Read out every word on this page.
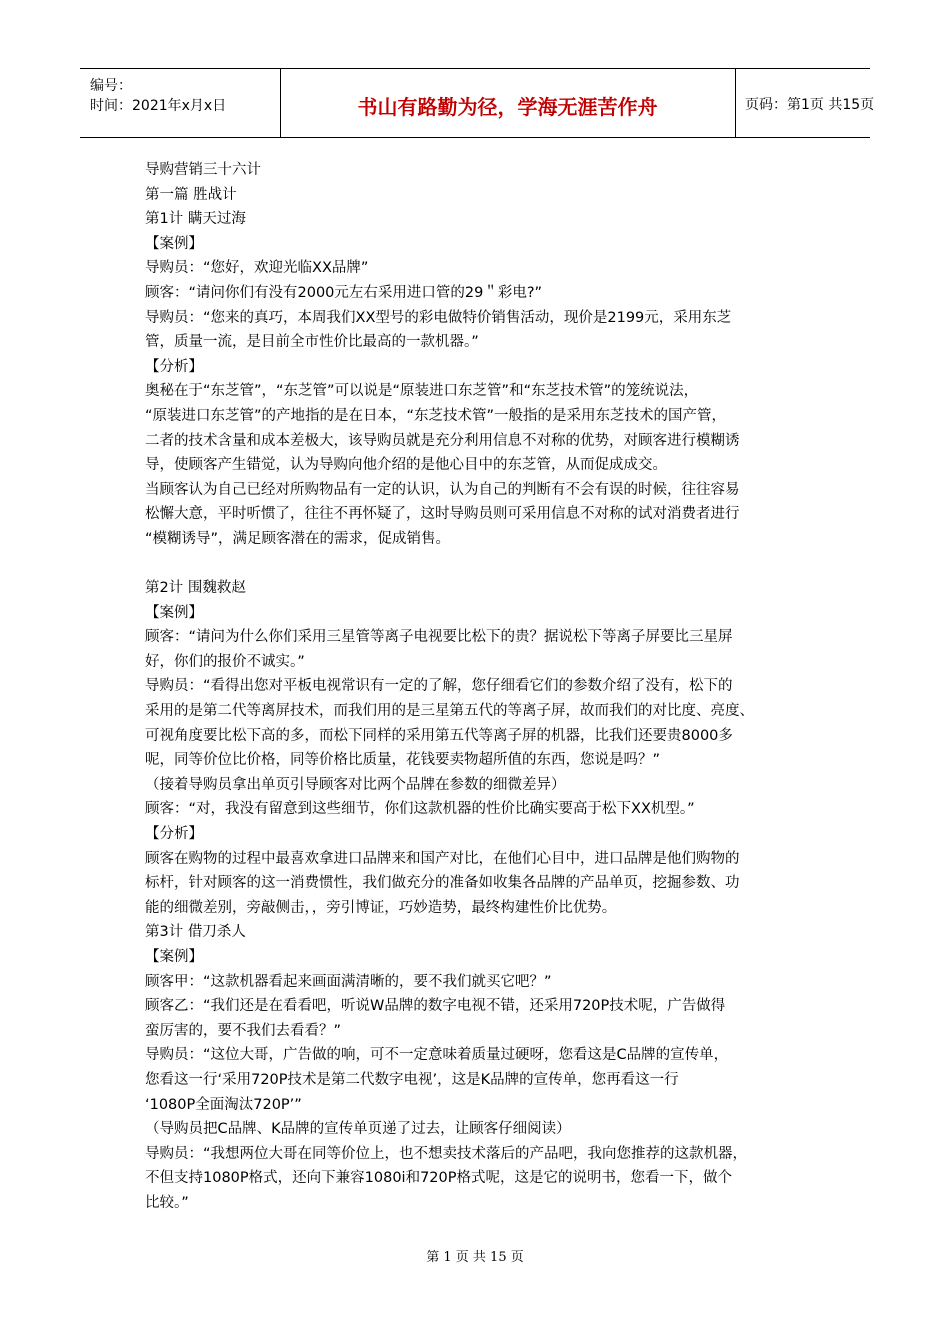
编号：
时间：2021年x月x日	书山有路勤为径，学海无涯苦作舟	页码：第1页 共15页

导购营销三十六计

第一篇 胜战计

第1计 瞒天过海

【案例】

导购员：“您好，欢迎光临XX品牌”

顾客：“请问你们有没有2000元左右采用进口管的29＂彩电?”

导购员：“您来的真巧，本周我们XX型号的彩电做特价销售活动，现价是2199元，采用东芝

管，质量一流，是目前全市性价比最高的一款机器。”

【分析】

奥秘在于“东芝管”，“东芝管”可以说是“原装进口东芝管”和“东芝技术管”的笼统说法，

“原装进口东芝管”的产地指的是在日本，“东芝技术管”一般指的是采用东芝技术的国产管，

二者的技术含量和成本差极大，该导购员就是充分利用信息不对称的优势，对顾客进行模糊诱

导，使顾客产生错觉，认为导购向他介绍的是他心目中的东芝管，从而促成成交。

当顾客认为自己已经对所购物品有一定的认识，认为自己的判断有不会有误的时候，往往容易

松懈大意，平时听惯了，往往不再怀疑了，这时导购员则可采用信息不对称的试对消费者进行

“模糊诱导”，满足顾客潜在的需求，促成销售。

第2计 围魏救赵

【案例】

顾客：“请问为什么你们采用三星管等离子电视要比松下的贵？据说松下等离子屏要比三星屏

好，你们的报价不诚实。”

导购员：“看得出您对平板电视常识有一定的了解，您仔细看它们的参数介绍了没有，松下的

采用的是第二代等离屏技术，而我们用的是三星第五代的等离子屏，故而我们的对比度、亮度、

可视角度要比松下高的多，而松下同样的采用第五代等离子屏的机器，比我们还要贵8000多

呢，同等价位比价格，同等价格比质量，花钱要卖物超所值的东西，您说是吗？”

（接着导购员拿出单页引导顾客对比两个品牌在参数的细微差异）

顾客：“对，我没有留意到这些细节，你们这款机器的性价比确实要高于松下XX机型。”

【分析】

顾客在购物的过程中最喜欢拿进口品牌来和国产对比，在他们心目中，进口品牌是他们购物的

标杆，针对顾客的这一消费惯性，我们做充分的准备如收集各品牌的产品单页，挖掘参数、功

能的细微差别，旁敲侧击，，旁引博证，巧妙造势，最终构建性价比优势。

第3计 借刀杀人

【案例】

顾客甲：“这款机器看起来画面满清晰的，要不我们就买它吧？”

顾客乙：“我们还是在看看吧，听说W品牌的数字电视不错，还采用720P技术呢，广告做得

蛮厉害的，要不我们去看看？”

导购员：“这位大哥，广告做的响，可不一定意味着质量过硬呀，您看这是C品牌的宣传单，

您看这一行‘采用720P技术是第二代数字电视’，这是K品牌的宣传单，您再看这一行

‘1080P全面淘汰720P’”

（导购员把C品牌、K品牌的宣传单页递了过去，让顾客仔细阅读）

导购员：“我想两位大哥在同等价位上，也不想卖技术落后的产品吧，我向您推荐的这款机器，

不但支持1080P格式，还向下兼容1080i和720P格式呢，这是它的说明书，您看一下，做个

比较。”

第 1 页 共 15 页
